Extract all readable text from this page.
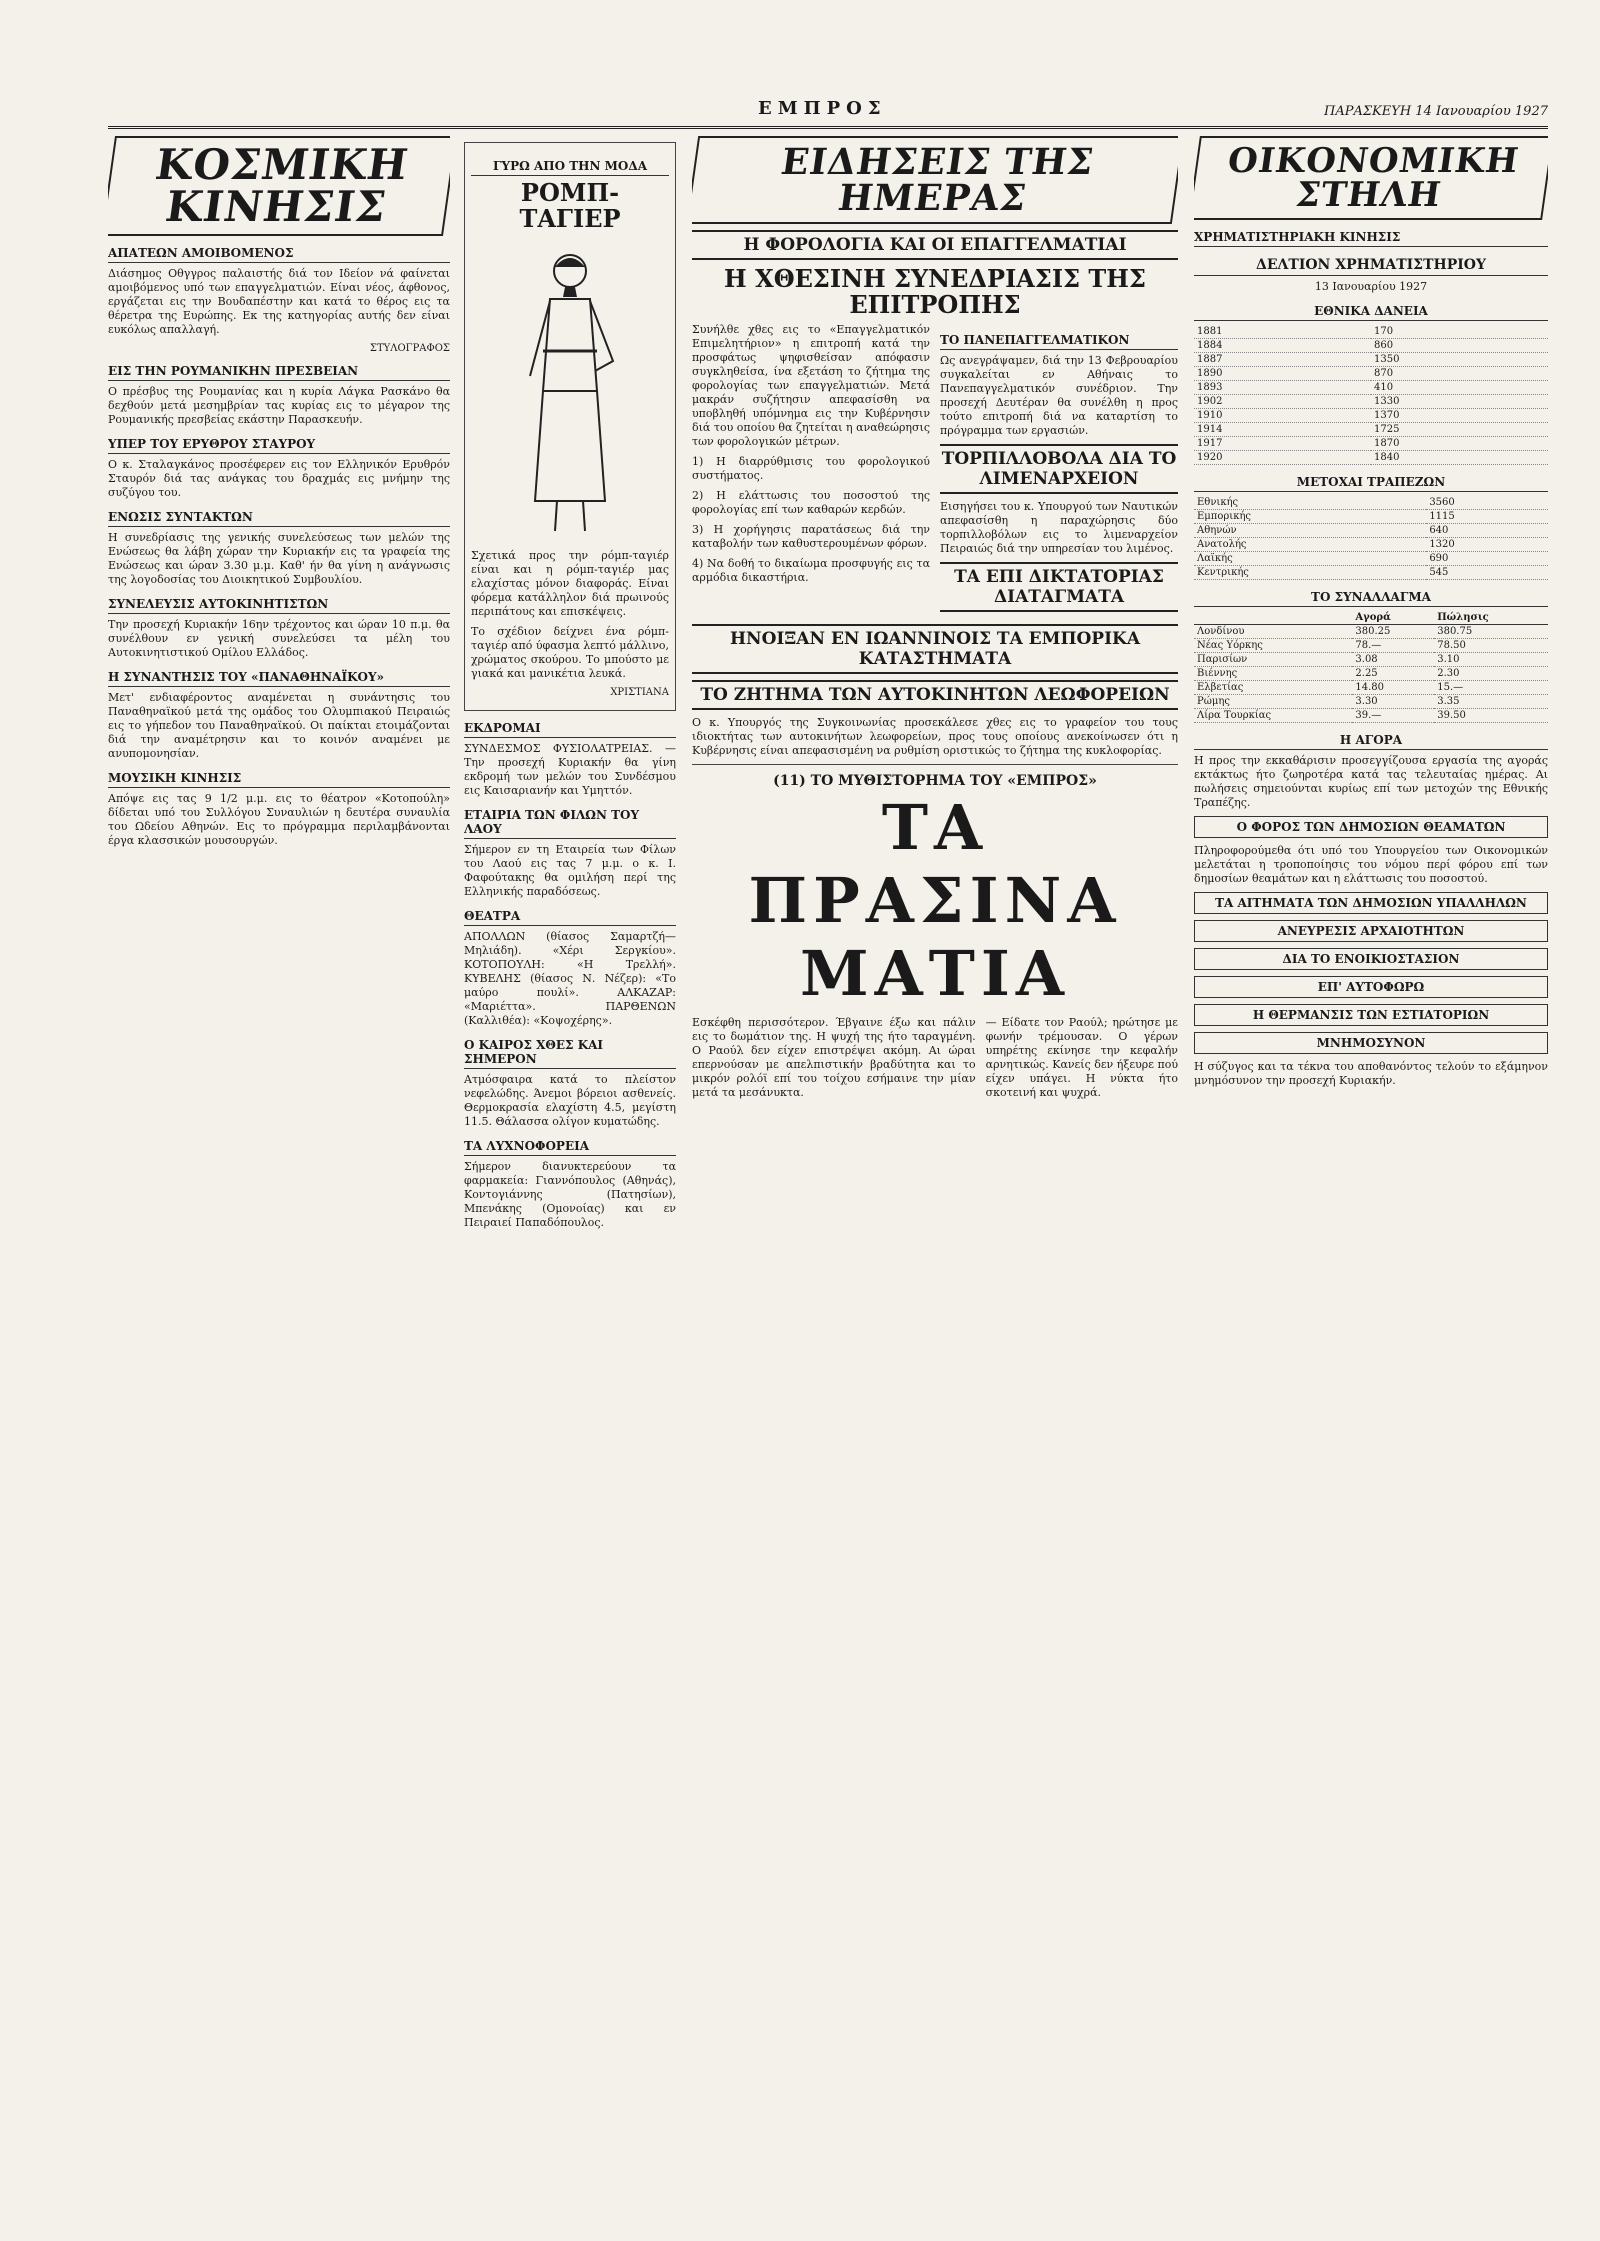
ΕΜΠΡΟΣ	ΠΑΡΑΣΚΕΥΗ 14 Ιανουαρίου 1927
ΚΟΣΜΙΚΗ ΚΙΝΗΣΙΣ
ΑΠΑΤΕΩΝ ΑΜΟΙΒΟΜΕΝΟΣ

Διάσημος Οθγγρος παλαιστής διά τον Ιδείον νά φαίνεται αμοιβόμενος υπό των επαγγελματιών. Είναι νέος, άφθονος, εργάζεται εις την Βουδαπέστην και κατά το θέρος εις τα θέρετρα της Ευρώπης. Εκ της κατηγορίας αυτής δεν είναι ευκόλως απαλλαγή.

ΣΤΥΛΟΓΡΑΦΟΣ

ΕΙΣ ΤΗΝ ΡΟΥΜΑΝΙΚΗΝ ΠΡΕΣΒΕΙΑΝ

Ο πρέσβυς της Ρουμανίας και η κυρία Λάγκα Ρασκάνο θα δεχθούν μετά μεσημβρίαν τας κυρίας εις το μέγαρον της Ρουμανικής πρεσβείας εκάστην Παρασκευήν.

ΥΠΕΡ ΤΟΥ ΕΡΥΘΡΟΥ ΣΤΑΥΡΟΥ

Ο κ. Σταλαγκάνος προσέφερεν εις τον Ελληνικόν Ερυθρόν Σταυρόν διά τας ανάγκας του δραχμάς εις μνήμην της συζύγου του.

ΕΝΩΣΙΣ ΣΥΝΤΑΚΤΩΝ

Η συνεδρίασις της γενικής συνελεύσεως των μελών της Ενώσεως θα λάβη χώραν την Κυριακήν εις τα γραφεία της Ενώσεως και ώραν 3.30 μ.μ. Καθ' ήν θα γίνη η ανάγνωσις της λογοδοσίας του Διοικητικού Συμβουλίου.

ΣΥΝΕΛΕΥΣΙΣ ΑΥΤΟΚΙΝΗΤΙΣΤΩΝ

Την προσεχή Κυριακήν 16ην τρέχοντος και ώραν 10 π.μ. θα συνέλθουν εν γενική συνελεύσει τα μέλη του Αυτοκινητιστικού Ομίλου Ελλάδος.

Η ΣΥΝΑΝΤΗΣΙΣ ΤΟΥ «ΠΑΝΑΘΗΝΑΪΚΟΥ»

Μετ' ενδιαφέροντος αναμένεται η συνάντησις του Παναθηναϊκού μετά της ομάδος του Ολυμπιακού Πειραιώς εις το γήπεδον του Παναθηναϊκού. Οι παίκται ετοιμάζονται διά την αναμέτρησιν και το κοινόν αναμένει με ανυπομονησίαν.

ΜΟΥΣΙΚΗ ΚΙΝΗΣΙΣ

Απόψε εις τας 9 1/2 μ.μ. εις το θέατρον «Κοτοπούλη» δίδεται υπό του Συλλόγου Συναυλιών η δευτέρα συναυλία του Ωδείου Αθηνών. Εις το πρόγραμμα περιλαμβάνονται έργα κλασσικών μουσουργών.

ΓΥΡΩ ΑΠΟ ΤΗΝ ΜΟΔΑ
ΡΟΜΠ-ΤΑΓΙΕΡ

Σχετικά προς την ρόμπ-ταγιέρ είναι και η ρόμπ-ταγιέρ μας ελαχίστας μόνον διαφοράς. Είναι φόρεμα κατάλληλον διά πρωινούς περιπάτους και επισκέψεις.

Το σχέδιον δείχνει ένα ρόμπ-ταγιέρ από ύφασμα λεπτό μάλλινο, χρώματος σκούρου. Το μπούστο με γιακά και μανικέτια λευκά.

ΧΡΙΣΤΙΑΝΑ

ΕΚΔΡΟΜΑΙ

ΣΥΝΔΕΣΜΟΣ ΦΥΣΙΟΛΑΤΡΕΙΑΣ. — Την προσεχή Κυριακήν θα γίνη εκδρομή των μελών του Συνδέσμου εις Καισαριανήν και Υμηττόν.

ΕΤΑΙΡΙΑ ΤΩΝ ΦΙΛΩΝ ΤΟΥ ΛΑΟΥ

Σήμερον εν τη Εταιρεία των Φίλων του Λαού εις τας 7 μ.μ. ο κ. Ι. Φαφούτακης θα ομιλήση περί της Ελληνικής παραδόσεως.

ΘΕΑΤΡΑ

ΑΠΟΛΛΩΝ (θίασος Σαμαρτζή—Μηλιάδη). «Χέρι Σεργκίου». ΚΟΤΟΠΟΥΛΗ: «Η Τρελλή». ΚΥΒΕΛΗΣ (θίασος Ν. Νέζερ): «Το μαύρο πουλί». ΑΛΚΑΖΑΡ: «Μαριέττα». ΠΑΡΘΕΝΩΝ (Καλλιθέα): «Κοψοχέρης».

Ο ΚΑΙΡΟΣ ΧΘΕΣ ΚΑΙ ΣΗΜΕΡΟΝ

Ατμόσφαιρα κατά το πλείστον νεφελώδης. Άνεμοι βόρειοι ασθενείς. Θερμοκρασία ελαχίστη 4.5, μεγίστη 11.5. Θάλασσα ολίγον κυματώδης.

ΤΑ ΛΥΧΝΟΦΟΡΕΙΑ

Σήμερον διανυκτερεύουν τα φαρμακεία: Γιαννόπουλος (Αθηνάς), Κοντογιάννης (Πατησίων), Μπενάκης (Ομονοίας) και εν Πειραιεί Παπαδόπουλος.

ΕΙΔΗΣΕΙΣ ΤΗΣ ΗΜΕΡΑΣ
Η ΦΟΡΟΛΟΓΙΑ ΚΑΙ ΟΙ ΕΠΑΓΓΕΛΜΑΤΙΑΙ
Η ΧΘΕΣΙΝΗ ΣΥΝΕΔΡΙΑΣΙΣ ΤΗΣ ΕΠΙΤΡΟΠΗΣ

Συνήλθε χθες εις το «Επαγγελματικόν Επιμελητήριον» η επιτροπή κατά την προσφάτως ψηφισθείσαν απόφασιν συγκληθείσα, ίνα εξετάση το ζήτημα της φορολογίας των επαγγελματιών. Μετά μακράν συζήτησιν απεφασίσθη να υποβληθή υπόμνημα εις την Κυβέρνησιν διά του οποίου θα ζητείται η αναθεώρησις των φορολογικών μέτρων.

1) Η διαρρύθμισις του φορολογικού συστήματος.

2) Η ελάττωσις του ποσοστού της φορολογίας επί των καθαρών κερδών.

3) Η χορήγησις παρατάσεως διά την καταβολήν των καθυστερουμένων φόρων.

4) Να δοθή το δικαίωμα προσφυγής εις τα αρμόδια δικαστήρια.

ΤΟ ΠΑΝΕΠΑΓΓΕΛΜΑΤΙΚΟΝ

Ως ανεγράψαμεν, διά την 13 Φεβρουαρίου συγκαλείται εν Αθήναις το Πανεπαγγελματικόν συνέδριον. Την προσεχή Δευτέραν θα συνέλθη η προς τούτο επιτροπή διά να καταρτίση το πρόγραμμα των εργασιών.

ΤΟΡΠΙΛΛΟΒΟΛΑ ΔΙΑ ΤΟ ΛΙΜΕΝΑΡΧΕΙΟΝ

Εισηγήσει του κ. Υπουργού των Ναυτικών απεφασίσθη η παραχώρησις δύο τορπιλλοβόλων εις το λιμεναρχείον Πειραιώς διά την υπηρεσίαν του λιμένος.

ΤΑ ΕΠΙ ΔΙΚΤΑΤΟΡΙΑΣ ΔΙΑΤΑΓΜΑΤΑ
ΗΝΟΙΞΑΝ ΕΝ ΙΩΑΝΝΙΝΟΙΣ ΤΑ ΕΜΠΟΡΙΚΑ ΚΑΤΑΣΤΗΜΑΤΑ
ΤΟ ΖΗΤΗΜΑ ΤΩΝ ΑΥΤΟΚΙΝΗΤΩΝ ΛΕΩΦΟΡΕΙΩΝ

Ο κ. Υπουργός της Συγκοινωνίας προσεκάλεσε χθες εις το γραφείον του τους ιδιοκτήτας των αυτοκινήτων λεωφορείων, προς τους οποίους ανεκοίνωσεν ότι η Κυβέρνησις είναι απεφασισμένη να ρυθμίση οριστικώς το ζήτημα της κυκλοφορίας.

(11) ΤΟ ΜΥΘΙΣΤΟΡΗΜΑ ΤΟΥ «ΕΜΠΡΟΣ»
ΤΑ ΠΡΑΣΙΝΑ ΜΑΤΙΑ

Εσκέφθη περισσότερον. Έβγαινε έξω και πάλιν εις το δωμάτιον της. Η ψυχή της ήτο ταραγμένη. Ο Ραούλ δεν είχεν επιστρέψει ακόμη. Αι ώραι επερνούσαν με απελπιστικήν βραδύτητα και το μικρόν ρολόϊ επί του τοίχου εσήμαινε την μίαν μετά τα μεσάνυκτα.

— Είδατε τον Ραούλ; ηρώτησε με φωνήν τρέμουσαν. Ο γέρων υπηρέτης εκίνησε την κεφαλήν αρνητικώς. Κανείς δεν ήξευρε πού είχεν υπάγει. Η νύκτα ήτο σκοτεινή και ψυχρά.

ΟΙΚΟΝΟΜΙΚΗ ΣΤΗΛΗ
ΧΡΗΜΑΤΙΣΤΗΡΙΑΚΗ ΚΙΝΗΣΙΣ
ΔΕΛΤΙΟΝ ΧΡΗΜΑΤΙΣΤΗΡΙΟΥ
13 Ιανουαρίου 1927
ΕΘΝΙΚΑ ΔΑΝΕΙΑ
1881	170
1884	860
1887	1350
1890	870
1893	410
1902	1330
1910	1370
1914	1725
1917	1870
1920	1840
ΜΕΤΟΧΑΙ ΤΡΑΠΕΖΩΝ
Εθνικής	3560
Εμπορικής	1115
Αθηνών	640
Ανατολής	1320
Λαϊκής	690
Κεντρικής	545
ΤΟ ΣΥΝΑΛΛΑΓΜΑ
	Αγορά	Πώλησις
Λονδίνου	380.25	380.75
Νέας Υόρκης	78.—	78.50
Παρισίων	3.08	3.10
Βιέννης	2.25	2.30
Ελβετίας	14.80	15.—
Ρώμης	3.30	3.35
Λίρα Τουρκίας	39.—	39.50
Η ΑΓΟΡΑ

Η προς την εκκαθάρισιν προσεγγίζουσα εργασία της αγοράς εκτάκτως ήτο ζωηροτέρα κατά τας τελευταίας ημέρας. Αι πωλήσεις σημειούνται κυρίως επί των μετοχών της Εθνικής Τραπέζης.

Ο ΦΟΡΟΣ ΤΩΝ ΔΗΜΟΣΙΩΝ ΘΕΑΜΑΤΩΝ

Πληροφορούμεθα ότι υπό του Υπουργείου των Οικονομικών μελετάται η τροποποίησις του νόμου περί φόρου επί των δημοσίων θεαμάτων και η ελάττωσις του ποσοστού.

ΤΑ ΑΙΤΗΜΑΤΑ ΤΩΝ ΔΗΜΟΣΙΩΝ ΥΠΑΛΛΗΛΩΝ
ΑΝΕΥΡΕΣΙΣ ΑΡΧΑΙΟΤΗΤΩΝ
ΔΙΑ ΤΟ ΕΝΟΙΚΙΟΣΤΑΣΙΟΝ
ΕΠ' ΑΥΤΟΦΩΡΩ
Η ΘΕΡΜΑΝΣΙΣ ΤΩΝ ΕΣΤΙΑΤΟΡΙΩΝ
ΜΝΗΜΟΣΥΝΟΝ

Η σύζυγος και τα τέκνα του αποθανόντος τελούν το εξάμηνον μνημόσυνον την προσεχή Κυριακήν.
